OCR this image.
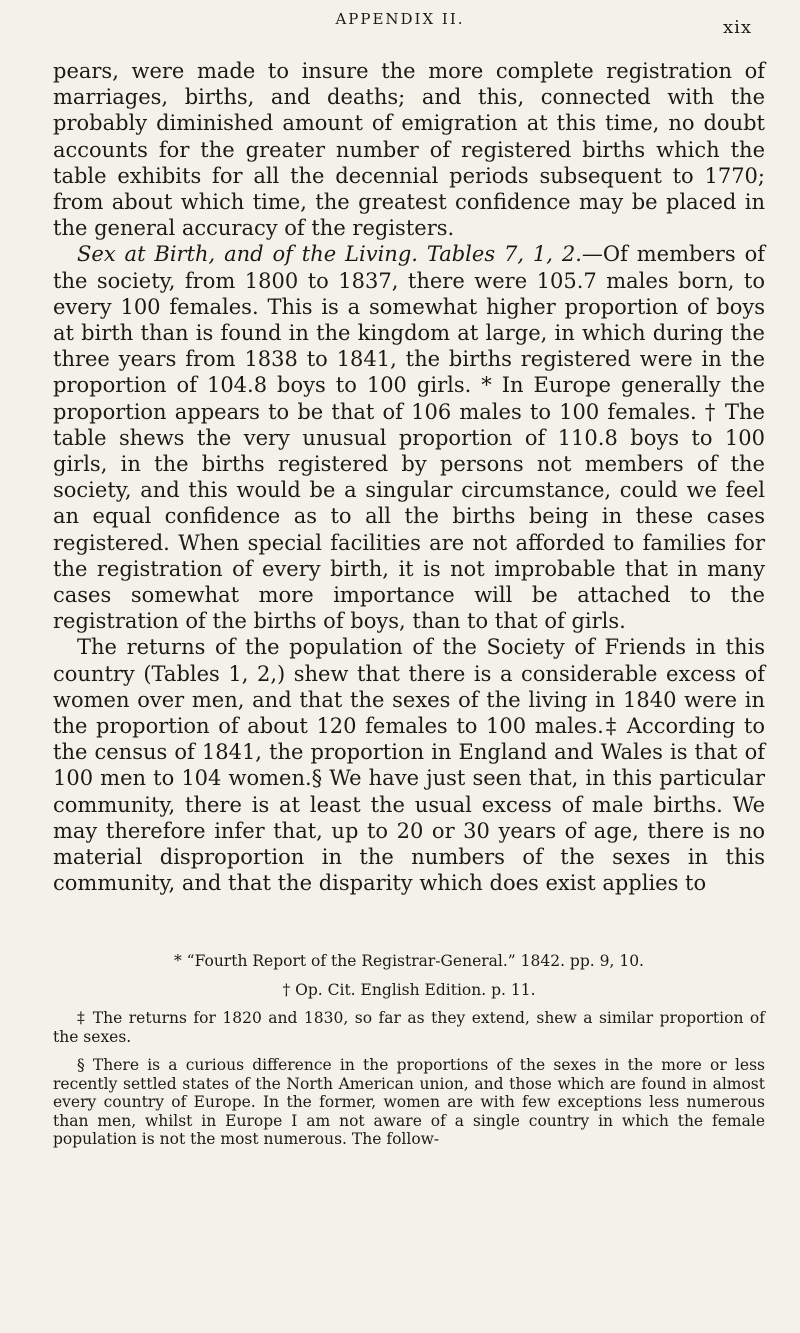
APPENDIX II.	xix

pears, were made to insure the more complete registration of marriages, births, and deaths; and this, connected with the probably diminished amount of emigration at this time, no doubt accounts for the greater number of registered births which the table exhibits for all the decennial periods subsequent to 1770; from about which time, the greatest confidence may be placed in the general accuracy of the registers.

Sex at Birth, and of the Living. Tables 7, 1, 2.—Of members of the society, from 1800 to 1837, there were 105.7 males born, to every 100 females. This is a somewhat higher proportion of boys at birth than is found in the kingdom at large, in which during the three years from 1838 to 1841, the births registered were in the proportion of 104.8 boys to 100 girls. * In Europe generally the proportion appears to be that of 106 males to 100 females. † The table shews the very unusual proportion of 110.8 boys to 100 girls, in the births registered by persons not members of the society, and this would be a singular circumstance, could we feel an equal confidence as to all the births being in these cases registered. When special facilities are not afforded to families for the registration of every birth, it is not improbable that in many cases somewhat more importance will be attached to the registration of the births of boys, than to that of girls.

The returns of the population of the Society of Friends in this country (Tables 1, 2,) shew that there is a considerable excess of women over men, and that the sexes of the living in 1840 were in the proportion of about 120 females to 100 males.‡ According to the census of 1841, the proportion in England and Wales is that of 100 men to 104 women.§ We have just seen that, in this particular community, there is at least the usual excess of male births. We may therefore infer that, up to 20 or 30 years of age, there is no material disproportion in the numbers of the sexes in this community, and that the disparity which does exist applies to

* “Fourth Report of the Registrar-General.” 1842. pp. 9, 10.

† Op. Cit. English Edition. p. 11.

‡ The returns for 1820 and 1830, so far as they extend, shew a similar proportion of the sexes.

§ There is a curious difference in the proportions of the sexes in the more or less recently settled states of the North American union, and those which are found in almost every country of Europe. In the former, women are with few exceptions less numerous than men, whilst in Europe I am not aware of a single country in which the female population is not the most numerous. The follow-
